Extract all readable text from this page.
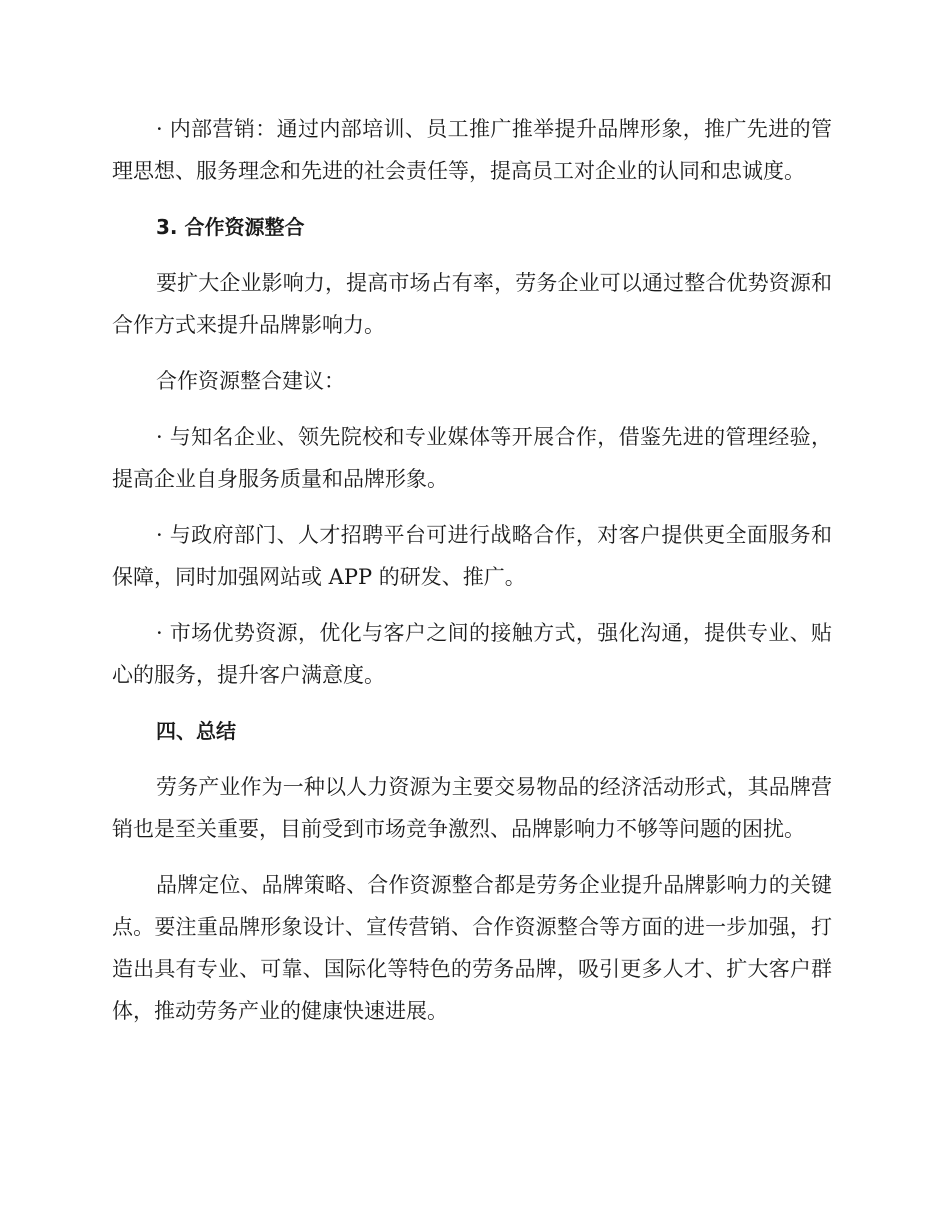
· 内部营销：通过内部培训、员工推广推举提升品牌形象，推广先进的管理思想、服务理念和先进的社会责任等，提高员工对企业的认同和忠诚度。

3. 合作资源整合

要扩大企业影响力，提高市场占有率，劳务企业可以通过整合优势资源和合作方式来提升品牌影响力。

合作资源整合建议：

· 与知名企业、领先院校和专业媒体等开展合作，借鉴先进的管理经验，提高企业自身服务质量和品牌形象。

· 与政府部门、人才招聘平台可进行战略合作，对客户提供更全面服务和保障，同时加强网站或 APP 的研发、推广。

· 市场优势资源，优化与客户之间的接触方式，强化沟通，提供专业、贴心的服务，提升客户满意度。

四、总结

劳务产业作为一种以人力资源为主要交易物品的经济活动形式，其品牌营销也是至关重要，目前受到市场竞争激烈、品牌影响力不够等问题的困扰。

品牌定位、品牌策略、合作资源整合都是劳务企业提升品牌影响力的关键点。要注重品牌形象设计、宣传营销、合作资源整合等方面的进一步加强，打造出具有专业、可靠、国际化等特色的劳务品牌，吸引更多人才、扩大客户群体，推动劳务产业的健康快速进展。
